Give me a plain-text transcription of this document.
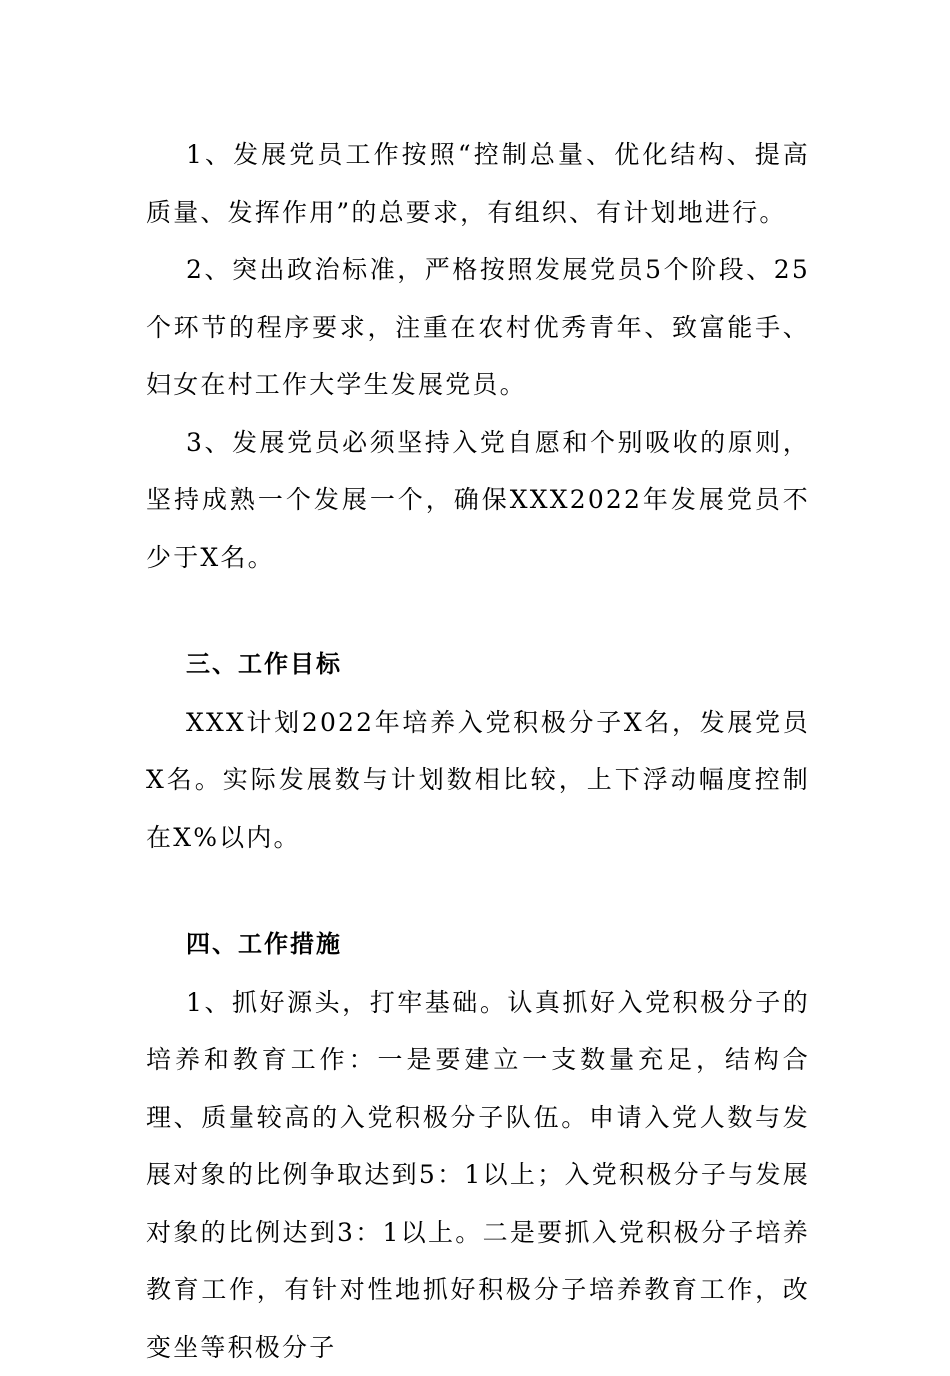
1、发展党员工作按照“控制总量、优化结构、提高质量、发挥作用”的总要求，有组织、有计划地进行。

2、突出政治标准，严格按照发展党员5个阶段、25个环节的程序要求，注重在农村优秀青年、致富能手、妇女在村工作大学生发展党员。

3、发展党员必须坚持入党自愿和个别吸收的原则，坚持成熟一个发展一个，确保XXX2022年发展党员不少于X名。

三、工作目标

XXX计划2022年培养入党积极分子X名，发展党员X名。实际发展数与计划数相比较，上下浮动幅度控制在X%以内。

四、工作措施

1、抓好源头，打牢基础。认真抓好入党积极分子的培养和教育工作：一是要建立一支数量充足，结构合理、质量较高的入党积极分子队伍。申请入党人数与发展对象的比例争取达到5：1以上；入党积极分子与发展对象的比例达到3：1以上。二是要抓入党积极分子培养教育工作，有针对性地抓好积极分子培养教育工作，改变坐等积极分子
